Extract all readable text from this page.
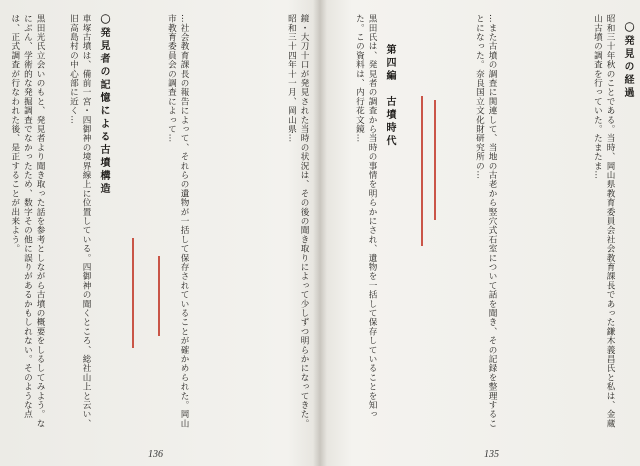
鏡・大刀十口が発見された当時の状況は、その後の聞き取りによって少しずつ明らかになってきた。昭和三十四年十一月、岡山県…
…社会教育課長の報告によって、それらの遺物が一括して保存されていることが確かめられた。岡山市教育委員会の調査によって…
〇発見者の記憶による古墳構造
車塚古墳は、備前一宮・四御神の境界線上に位置している。四御神の聞くところ、総社山上と云い、旧高島村の中心部に近く…
黒田光氏立会いのもと、発見者より聞き取った話を参考としながら古墳の概要をしるしてみよう。なにぶん、学術的な発掘調査でなかったため、数字その他に誤りがあるかもしれない。そのような点は、正式調査が行なわれた後、是正することが出来よう。
136
〇発見の経過
昭和三十年秋のことである。当時、岡山県教育委員会社会教育課長であった鎌木義昌氏と私は、金蔵山古墳の調査を行っていた。たまたま…
…また古墳の調査に関連して、当地の古老から竪穴式石室について話を聞き、その記録を整理することになった。奈良国立文化財研究所の…
第四編　古墳時代
黒田氏は、発見者の調査から当時の事情を明らかにされ、遺物を一括して保存していることを知った。この資料は、内行花文鏡…
135
